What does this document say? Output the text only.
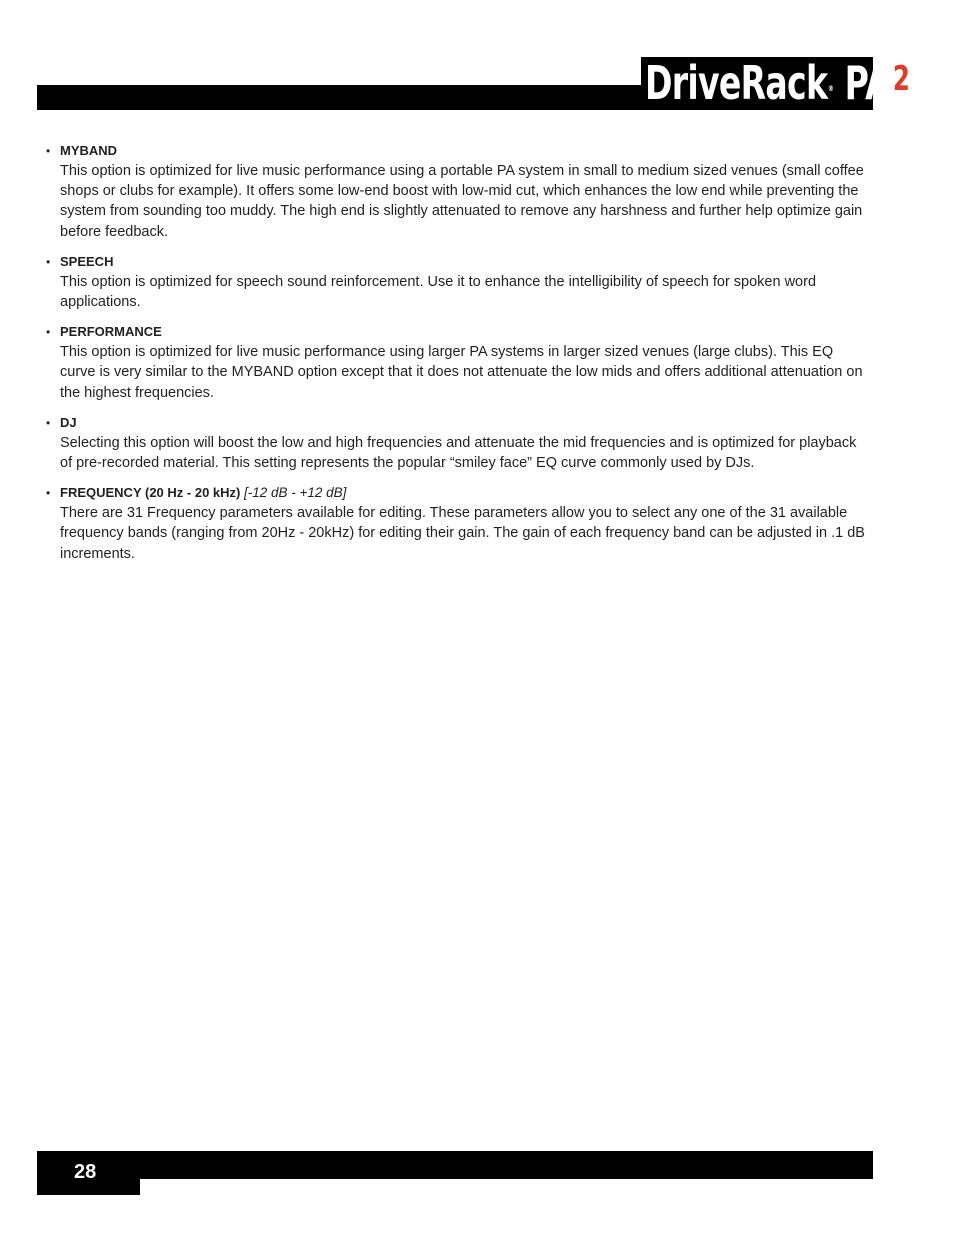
DriveRack® $PA^2$
• MYBAND
This option is optimized for live music performance using a portable PA system in small to medium sized venues (small coffee shops or clubs for example). It offers some low-end boost with low-mid cut, which enhances the low end while preventing the system from sounding too muddy. The high end is slightly attenuated to remove any harshness and further help optimize gain before feedback.
• SPEECH
This option is optimized for speech sound reinforcement. Use it to enhance the intelligibility of speech for spoken word applications.
• PERFORMANCE
This option is optimized for live music performance using larger PA systems in larger sized venues (large clubs). This EQ curve is very similar to the MYBAND option except that it does not attenuate the low mids and offers additional attenuation on the highest frequencies.
• DJ
Selecting this option will boost the low and high frequencies and attenuate the mid frequencies and is optimized for playback of pre-recorded material. This setting represents the popular “smiley face” EQ curve commonly used by DJs.
• FREQUENCY (20 Hz - 20 kHz) [-12 dB - +12 dB]
There are 31 Frequency parameters available for editing. These parameters allow you to select any one of the 31 available frequency bands (ranging from 20Hz - 20kHz) for editing their gain. The gain of each frequency band can be adjusted in .1 dB increments.
28
